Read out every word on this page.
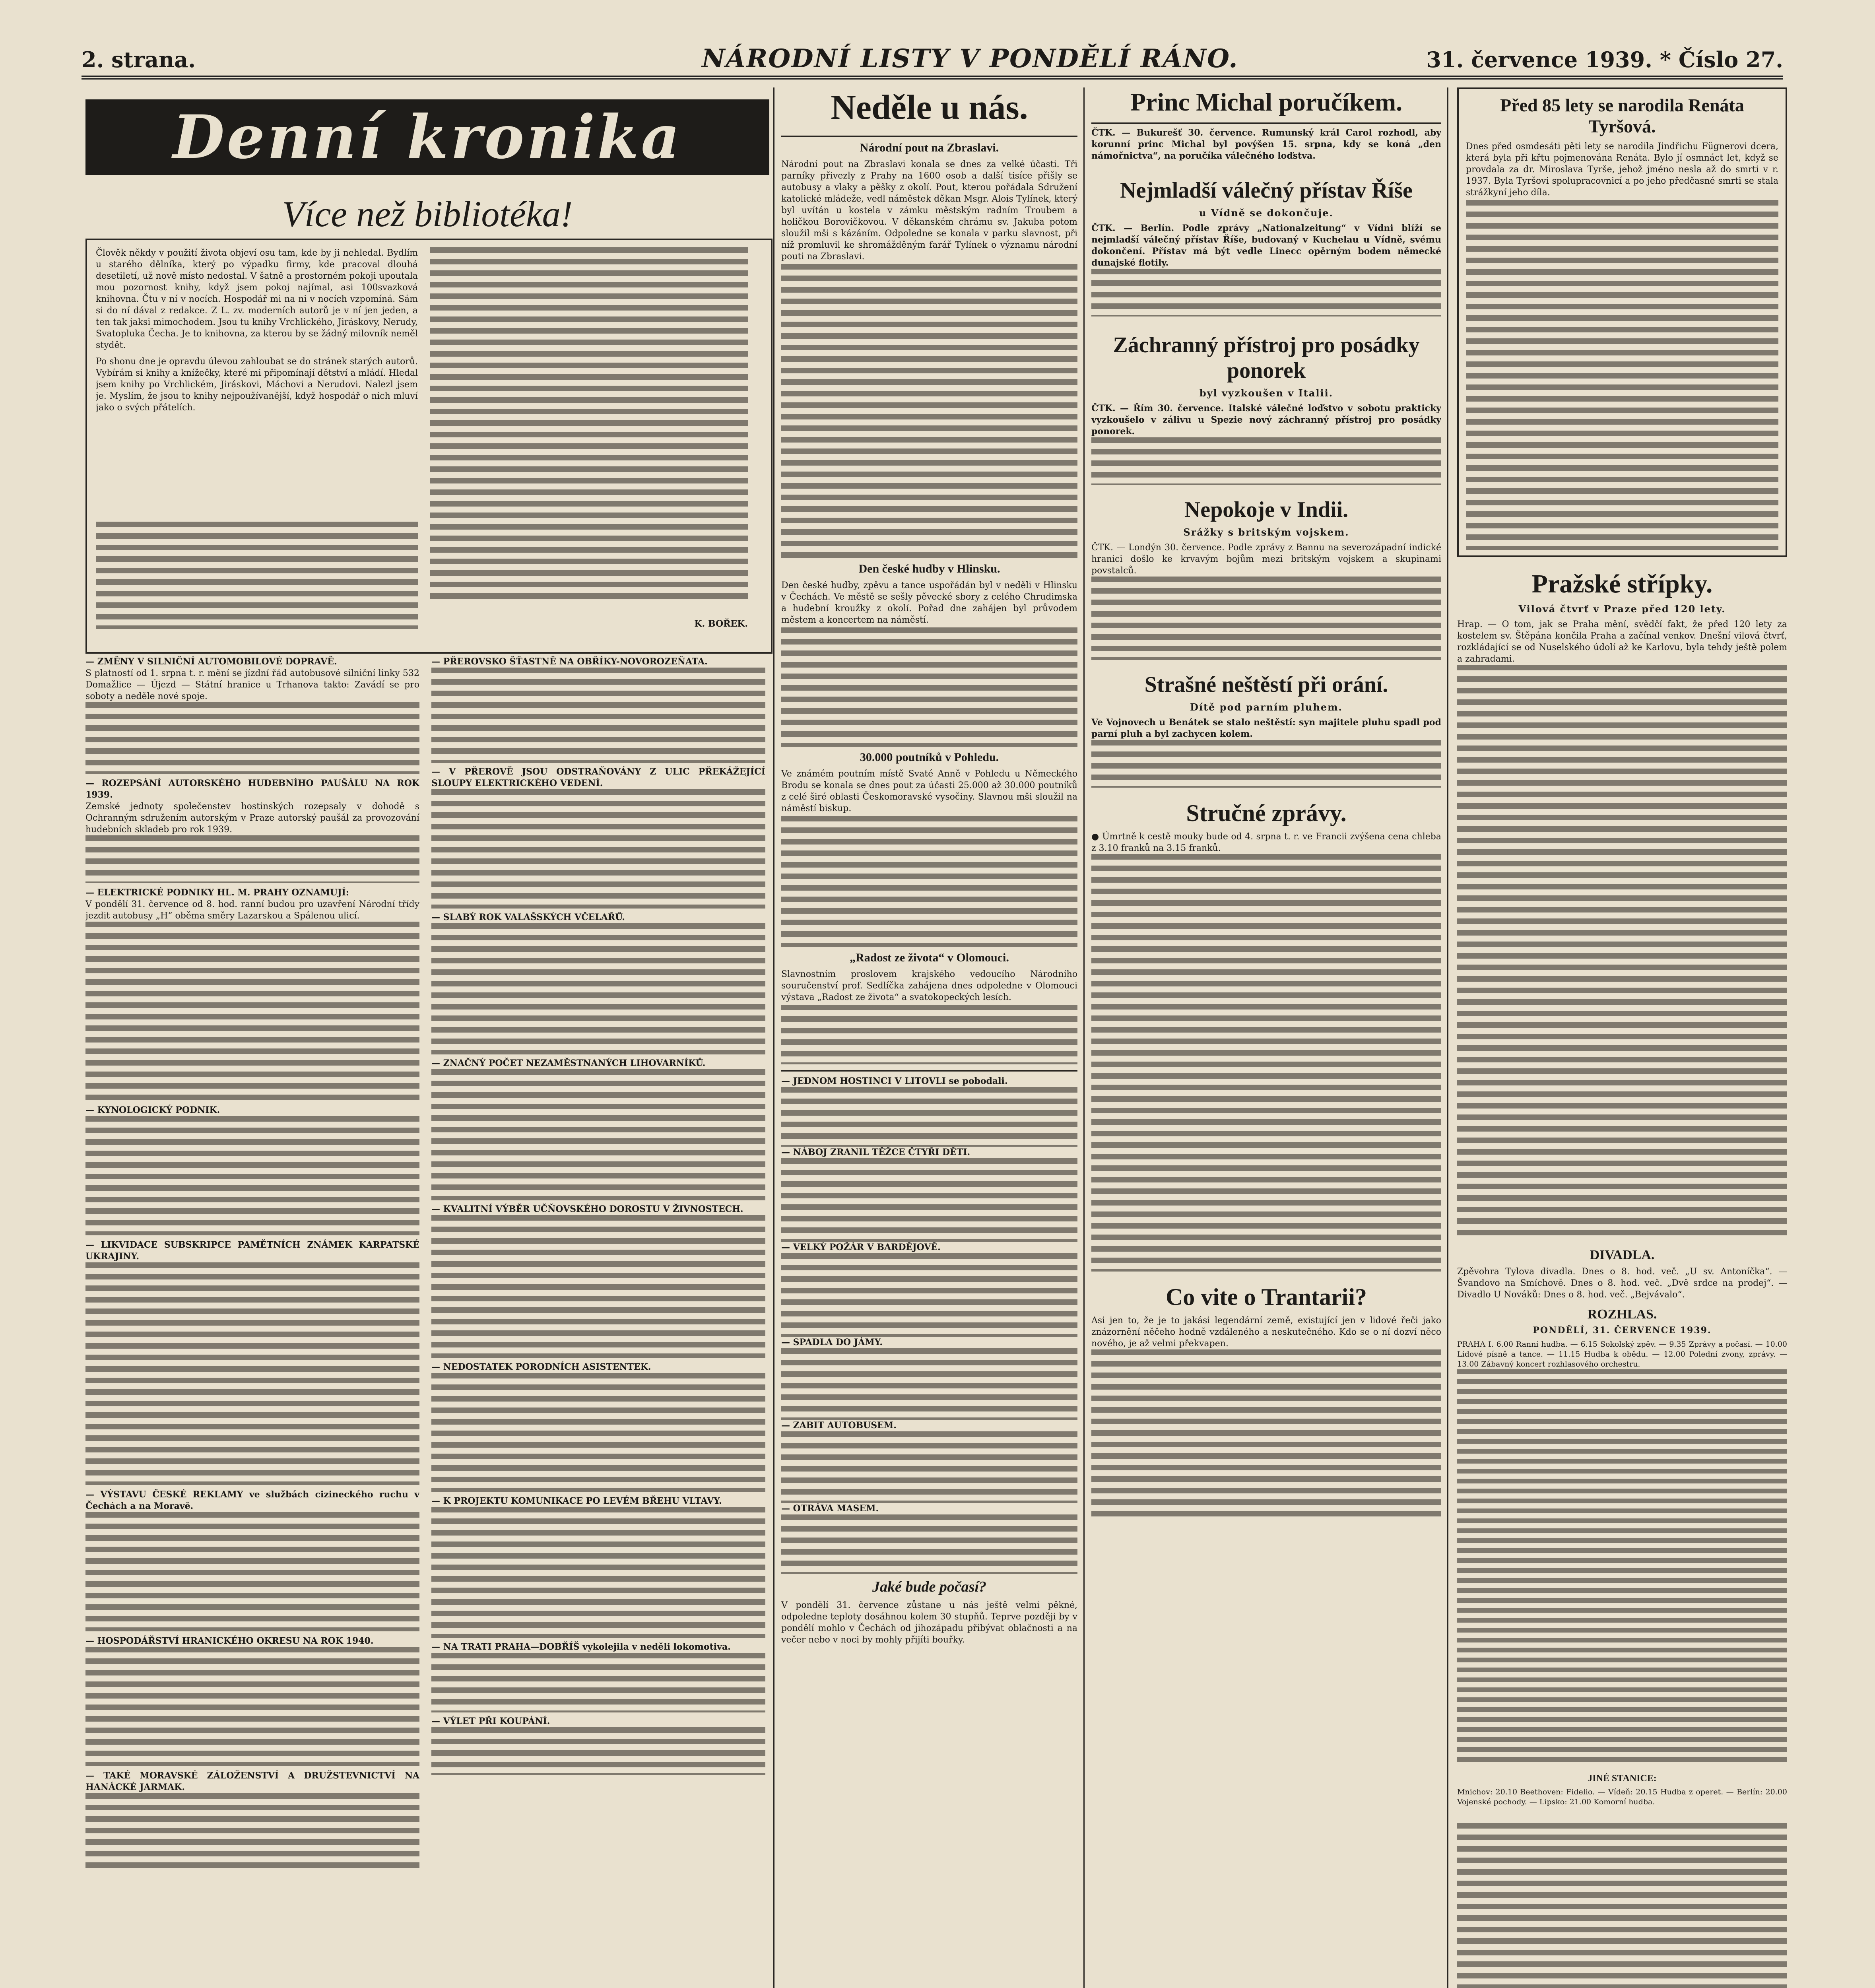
2. strana.	NÁRODNÍ LISTY V PONDĚLÍ RÁNO.	31. července 1939. * Číslo 27.
Denní kronika
Více než bibliotéka!

Člověk někdy v použití života objeví osu tam, kde by ji nehledal. Bydlím u starého dělníka, který po výpadku firmy, kde pracoval dlouhá desetiletí, už nově místo nedostal. V šatně a prostorném pokoji upoutala mou pozornost knihy, když jsem pokoj najímal, asi 100svazková knihovna. Čtu v ní v nocích. Hospodář mi na ni v nocích vzpomíná. Sám si do ní dával z redakce. Z L. zv. moderních autorů je v ní jen jeden, a ten tak jaksi mimochodem. Jsou tu knihy Vrchlického, Jiráskovy, Nerudy, Svatopluka Čecha. Je to knihovna, za kterou by se žádný milovník neměl stydět.

Po shonu dne je opravdu úlevou zahloubat se do stránek starých autorů. Vybírám si knihy a knížečky, které mi připomínají dětství a mládí. Hledal jsem knihy po Vrchlickém, Jiráskovi, Máchovi a Nerudovi. Nalezl jsem je. Myslím, že jsou to knihy nejpoužívanější, když hospodář o nich mluví jako o svých přátelích.

K. BOŘEK.

— ZMĚNY V SILNIČNÍ AUTOMOBILOVÉ DOPRAVĚ.

S platností od 1. srpna t. r. mění se jízdní řád autobusové silniční linky 532 Domažlice — Újezd — Státní hranice u Trhanova takto: Zavádí se pro soboty a neděle nové spoje.

— ROZEPSÁNÍ AUTORSKÉHO HUDEBNÍHO PAUŠÁLU NA ROK 1939.

Zemské jednoty společenstev hostinských rozepsaly v dohodě s Ochranným sdružením autorským v Praze autorský paušál za provozování hudebních skladeb pro rok 1939.

— ELEKTRICKÉ PODNIKY HL. M. PRAHY OZNAMUJÍ:

V pondělí 31. července od 8. hod. ranní budou pro uzavření Národní třídy jezdit autobusy „H“ oběma směry Lazarskou a Spálenou ulicí.

— KYNOLOGICKÝ PODNIK.

— LIKVIDACE SUBSKRIPCE PAMĚTNÍCH ZNÁMEK KARPATSKÉ UKRAJINY.

— VÝSTAVU ČESKÉ REKLAMY ve službách cizineckého ruchu v Čechách a na Moravě.

— HOSPODÁŘSTVÍ HRANICKÉHO OKRESU NA ROK 1940.

— TAKÉ MORAVSKÉ ZÁLOŽENSTVÍ A DRUŽSTEVNICTVÍ NA HANÁCKÉ JARMAK.

— PŘEROVSKO ŠŤASTNĚ NA OBŘÍKY-NOVOROZEŇATA.

— V PŘEROVĚ JSOU ODSTRAŇOVÁNY Z ULIC PŘEKÁŽEJÍCÍ SLOUPY ELEKTRICKÉHO VEDENÍ.

— SLABÝ ROK VALAŠSKÝCH VČELAŘŮ.

— ZNAČNÝ POČET NEZAMĚSTNANÝCH LIHOVARNÍKŮ.

— KVALITNÍ VÝBĚR UČŇOVSKÉHO DOROSTU V ŽIVNOSTECH.

— NEDOSTATEK PORODNÍCH ASISTENTEK.

— K PROJEKTU KOMUNIKACE PO LEVÉM BŘEHU VLTAVY.

— NA TRATI PRAHA—DOBŘÍŠ vykolejila v neděli lokomotiva.

— VÝLET PŘI KOUPÁNÍ.

Neděle u nás.
Národní pout na Zbraslavi.

Národní pout na Zbraslavi konala se dnes za velké účasti. Tři parníky přivezly z Prahy na 1600 osob a další tisíce přišly se autobusy a vlaky a pěšky z okolí. Pout, kterou pořádala Sdružení katolické mládeže, vedl náměstek děkan Msgr. Alois Tylínek, který byl uvítán u kostela v zámku městským radním Troubem a holičkou Borovičkovou. V děkanském chrámu sv. Jakuba potom sloužil mši s kázáním. Odpoledne se konala v parku slavnost, při níž promluvil ke shromážděným farář Tylínek o významu národní pouti na Zbraslavi.

Den české hudby v Hlinsku.

Den české hudby, zpěvu a tance uspořádán byl v neděli v Hlinsku v Čechách. Ve městě se sešly pěvecké sbory z celého Chrudimska a hudební kroužky z okolí. Pořad dne zahájen byl průvodem městem a koncertem na náměstí.

30.000 poutníků v Pohledu.

Ve známém poutním místě Svaté Anně v Pohledu u Německého Brodu se konala se dnes pout za účasti 25.000 až 30.000 poutníků z celé širé oblasti Českomoravské vysočiny. Slavnou mši sloužil na náměstí biskup.

„Radost ze života“ v Olomouci.

Slavnostním proslovem krajského vedoucího Národního souručenství prof. Sedlíčka zahájena dnes odpoledne v Olomouci výstava „Radost ze života“ a svatokopeckých lesích.

— JEDNOM HOSTINCI V LITOVLI se pobodali.

— NÁBOJ ZRANIL TĚŽCE ČTYŘI DĚTI.

— VELKÝ POŽÁR V BARDĚJOVĚ.

— SPADLA DO JÁMY.

— ZABIT AUTOBUSEM.

— OTRÁVA MASEM.

Jaké bude počasí?

V pondělí 31. července zůstane u nás ještě velmi pěkné, odpoledne teploty dosáhnou kolem 30 stupňů. Teprve později by v pondělí mohlo v Čechách od jihozápadu přibývat oblačnosti a na večer nebo v noci by mohly přijíti bouřky.

Princ Michal poručíkem.

ČTK. — Bukurešť 30. července. Rumunský král Carol rozhodl, aby korunní princ Michal byl povýšen 15. srpna, kdy se koná „den námořnictva“, na poručíka válečného loďstva.

Nejmladší válečný přístav Říše
u Vídně se dokončuje.

ČTK. — Berlín. Podle zprávy „Nationalzeitung“ v Vídni blíží se nejmladší válečný přístav Říše, budovaný v Kuchelau u Vídně, svému dokončení. Přístav má být vedle Linecc opěrným bodem německé dunajské flotily.

Záchranný přístroj pro posádky ponorek
byl vyzkoušen v Italii.

ČTK. — Řím 30. července. Italské válečné loďstvo v sobotu prakticky vyzkoušelo v zálivu u Spezie nový záchranný přístroj pro posádky ponorek.

Nepokoje v Indii.
Srážky s britským vojskem.

ČTK. — Londýn 30. července. Podle zprávy z Bannu na severozápadní indické hranici došlo ke krvavým bojům mezi britským vojskem a skupinami povstalců.

Strašné neštěstí při orání.
Dítě pod parním pluhem.

Ve Vojnovech u Benátek se stalo neštěstí: syn majitele pluhu spadl pod parní pluh a byl zachycen kolem.

Stručné zprávy.

● Úmrtně k cestě mouky bude od 4. srpna t. r. ve Francii zvýšena cena chleba z 3.10 franků na 3.15 franků.

Co vite o Trantarii?

Asi jen to, že je to jakási legendární země, existující jen v lidové řeči jako znázornění něčeho hodně vzdáleného a neskutečného. Kdo se o ní dozví něco nového, je až velmi překvapen.

Před 85 lety se narodila Renáta Tyršová.

Dnes před osmdesáti pěti lety se narodila Jindřichu Fügnerovi dcera, která byla při křtu pojmenována Renáta. Bylo jí osmnáct let, když se provdala za dr. Miroslava Tyrše, jehož jméno nesla až do smrti v r. 1937. Byla Tyršovi spolupracovnicí a po jeho předčasné smrti se stala strážkyní jeho díla.

Pražské střípky.
Vilová čtvrť v Praze před 120 lety.

Hrap. — O tom, jak se Praha mění, svědčí fakt, že před 120 lety za kostelem sv. Štěpána končila Praha a začínal venkov. Dnešní vilová čtvrť, rozkládající se od Nuselského údolí až ke Karlovu, byla tehdy ještě polem a zahradami.

DIVADLA.

Zpěvohra Tylova divadla. Dnes o 8. hod. več. „U sv. Antoníčka“. — Švandovo na Smíchově. Dnes o 8. hod. več. „Dvě srdce na prodej“. — Divadlo U Nováků: Dnes o 8. hod. več. „Bejvávalo“.

ROZHLAS.
PONDĚLÍ, 31. ČERVENCE 1939.

PRAHA I. 6.00 Ranní hudba. — 6.15 Sokolský zpěv. — 9.35 Zprávy a počasí. — 10.00 Lidové písně a tance. — 11.15 Hudba k obědu. — 12.00 Polední zvony, zprávy. — 13.00 Zábavný koncert rozhlasového orchestru.

JINÉ STANICE:

Mnichov: 20.10 Beethoven: Fidelio. — Vídeň: 20.15 Hudba z operet. — Berlín: 20.00 Vojenské pochody. — Lipsko: 21.00 Komorní hudba.
